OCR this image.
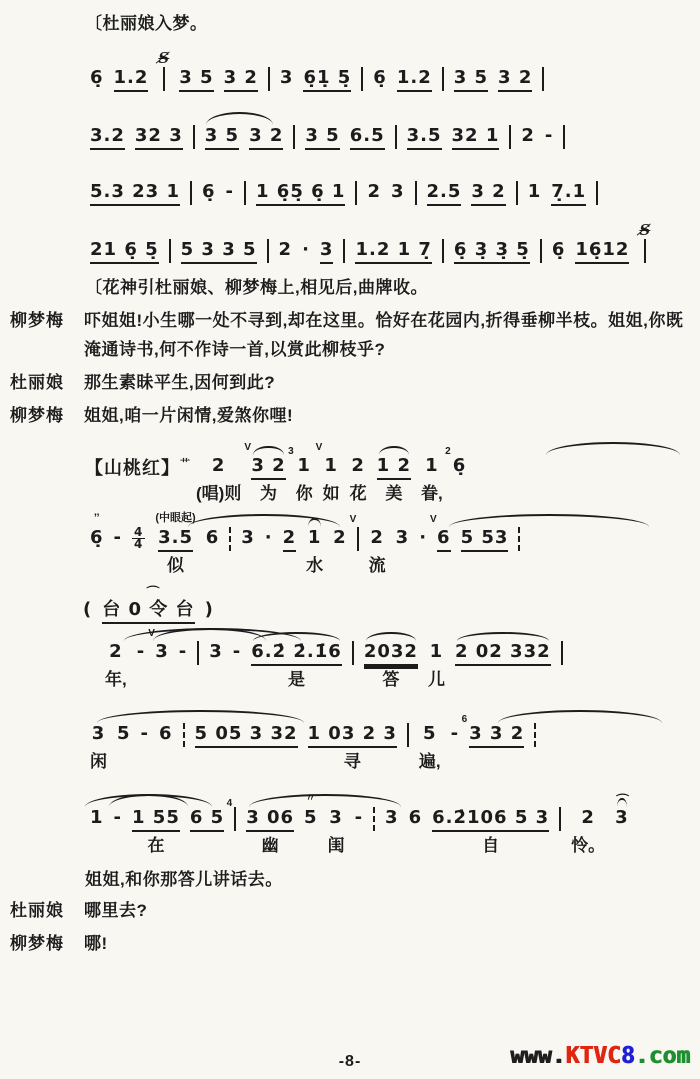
〔杜丽娘入梦。
6̣ 1.2
S̸
3 5 3 2 3 6̣1̣ 5̣ 6̣ 1.2 3 5 3 2
3.2 32 3 3 5 3 2 3 5 6.5 3.5 32 1 2 -
5.3 23 1 6̣ - 1 6̣5̣ 6̣ 1 2 3 2.5 3 2 1 7̣.1
21 6̣ 5̣ 5 3 3 5 2 · 3 1.2 1 7̣ 6̣ 3̣ 3̣ 5̣ 6̣ 16̣12
S̸
〔花神引杜丽娘、柳梦梅上,相见后,曲牌收。
柳梦梅	吓姐姐!小生哪一处不寻到,却在这里。恰好在花园内,折得垂柳半枝。姐姐,你既淹通诗书,何不作诗一首,以赏此柳枝乎?

杜丽娘	那生素昧平生,因何到此?

柳梦梅	姐姐,咱一片闲情,爱煞你哩!

【山桃红】$^艹$ 2
(唱)则
3 2
为
3
V
1
你
1
如
V
2
花
1 2
美
1
眷,
2
6̣
’’
6̣ - 4
4
(中眼起)
3.5
似
6 3 · 2 1
水
2
V
2
流
3 · 6
V
5 53
( 台 0 令 台
⌒
)
2
年,
- 3
V
- 3 - 6.2̇ 2̇.1̇6
是
2032
答
1
儿
2 02 332
3
闲
5 - 6 5 05 3 32 1 03 2 3
寻
5
遍,
-
6
3 3 2
1 - 1 55
在
6 5
4
3 06
幽
〃
5 3
闺
- 3 6 6.2̇106 5 3
自
2
怜。
3
⌒
姐姐,和你那答儿讲话去。
杜丽娘	哪里去?

柳梦梅	哪!

-8-	www.KTVC8.com
